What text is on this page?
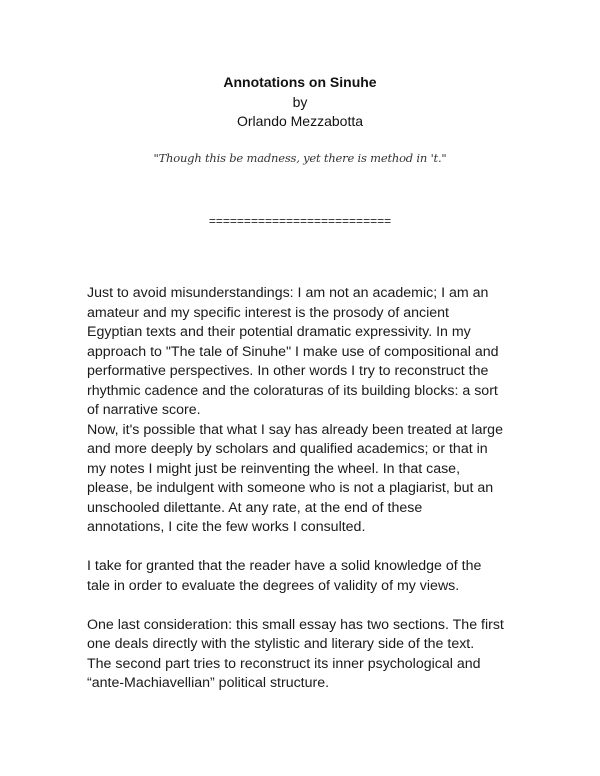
Annotations on Sinuhe
by
Orlando Mezzabotta
"Though this be madness, yet there is method in 't."
==========================
Just to avoid misunderstandings: I am not an academic; I am an
amateur and my specific interest is the prosody of ancient
Egyptian texts and their potential dramatic expressivity. In my
approach to "The tale of Sinuhe" I make use of compositional and
performative perspectives. In other words I try to reconstruct the
rhythmic cadence and the coloraturas of its building blocks: a sort
of narrative score.
Now, it's possible that what I say has already been treated at large
and more deeply by scholars and qualified academics; or that in
my notes I might just be reinventing the wheel. In that case,
please, be indulgent with someone who is not a plagiarist, but an
unschooled dilettante. At any rate, at the end of these
annotations, I cite the few works I consulted.
I take for granted that the reader have a solid knowledge of the
tale in order to evaluate the degrees of validity of my views.
One last consideration: this small essay has two sections. The first
one deals directly with the stylistic and literary side of the text.
The second part tries to reconstruct its inner psychological and
“ante-Machiavellian” political structure.
